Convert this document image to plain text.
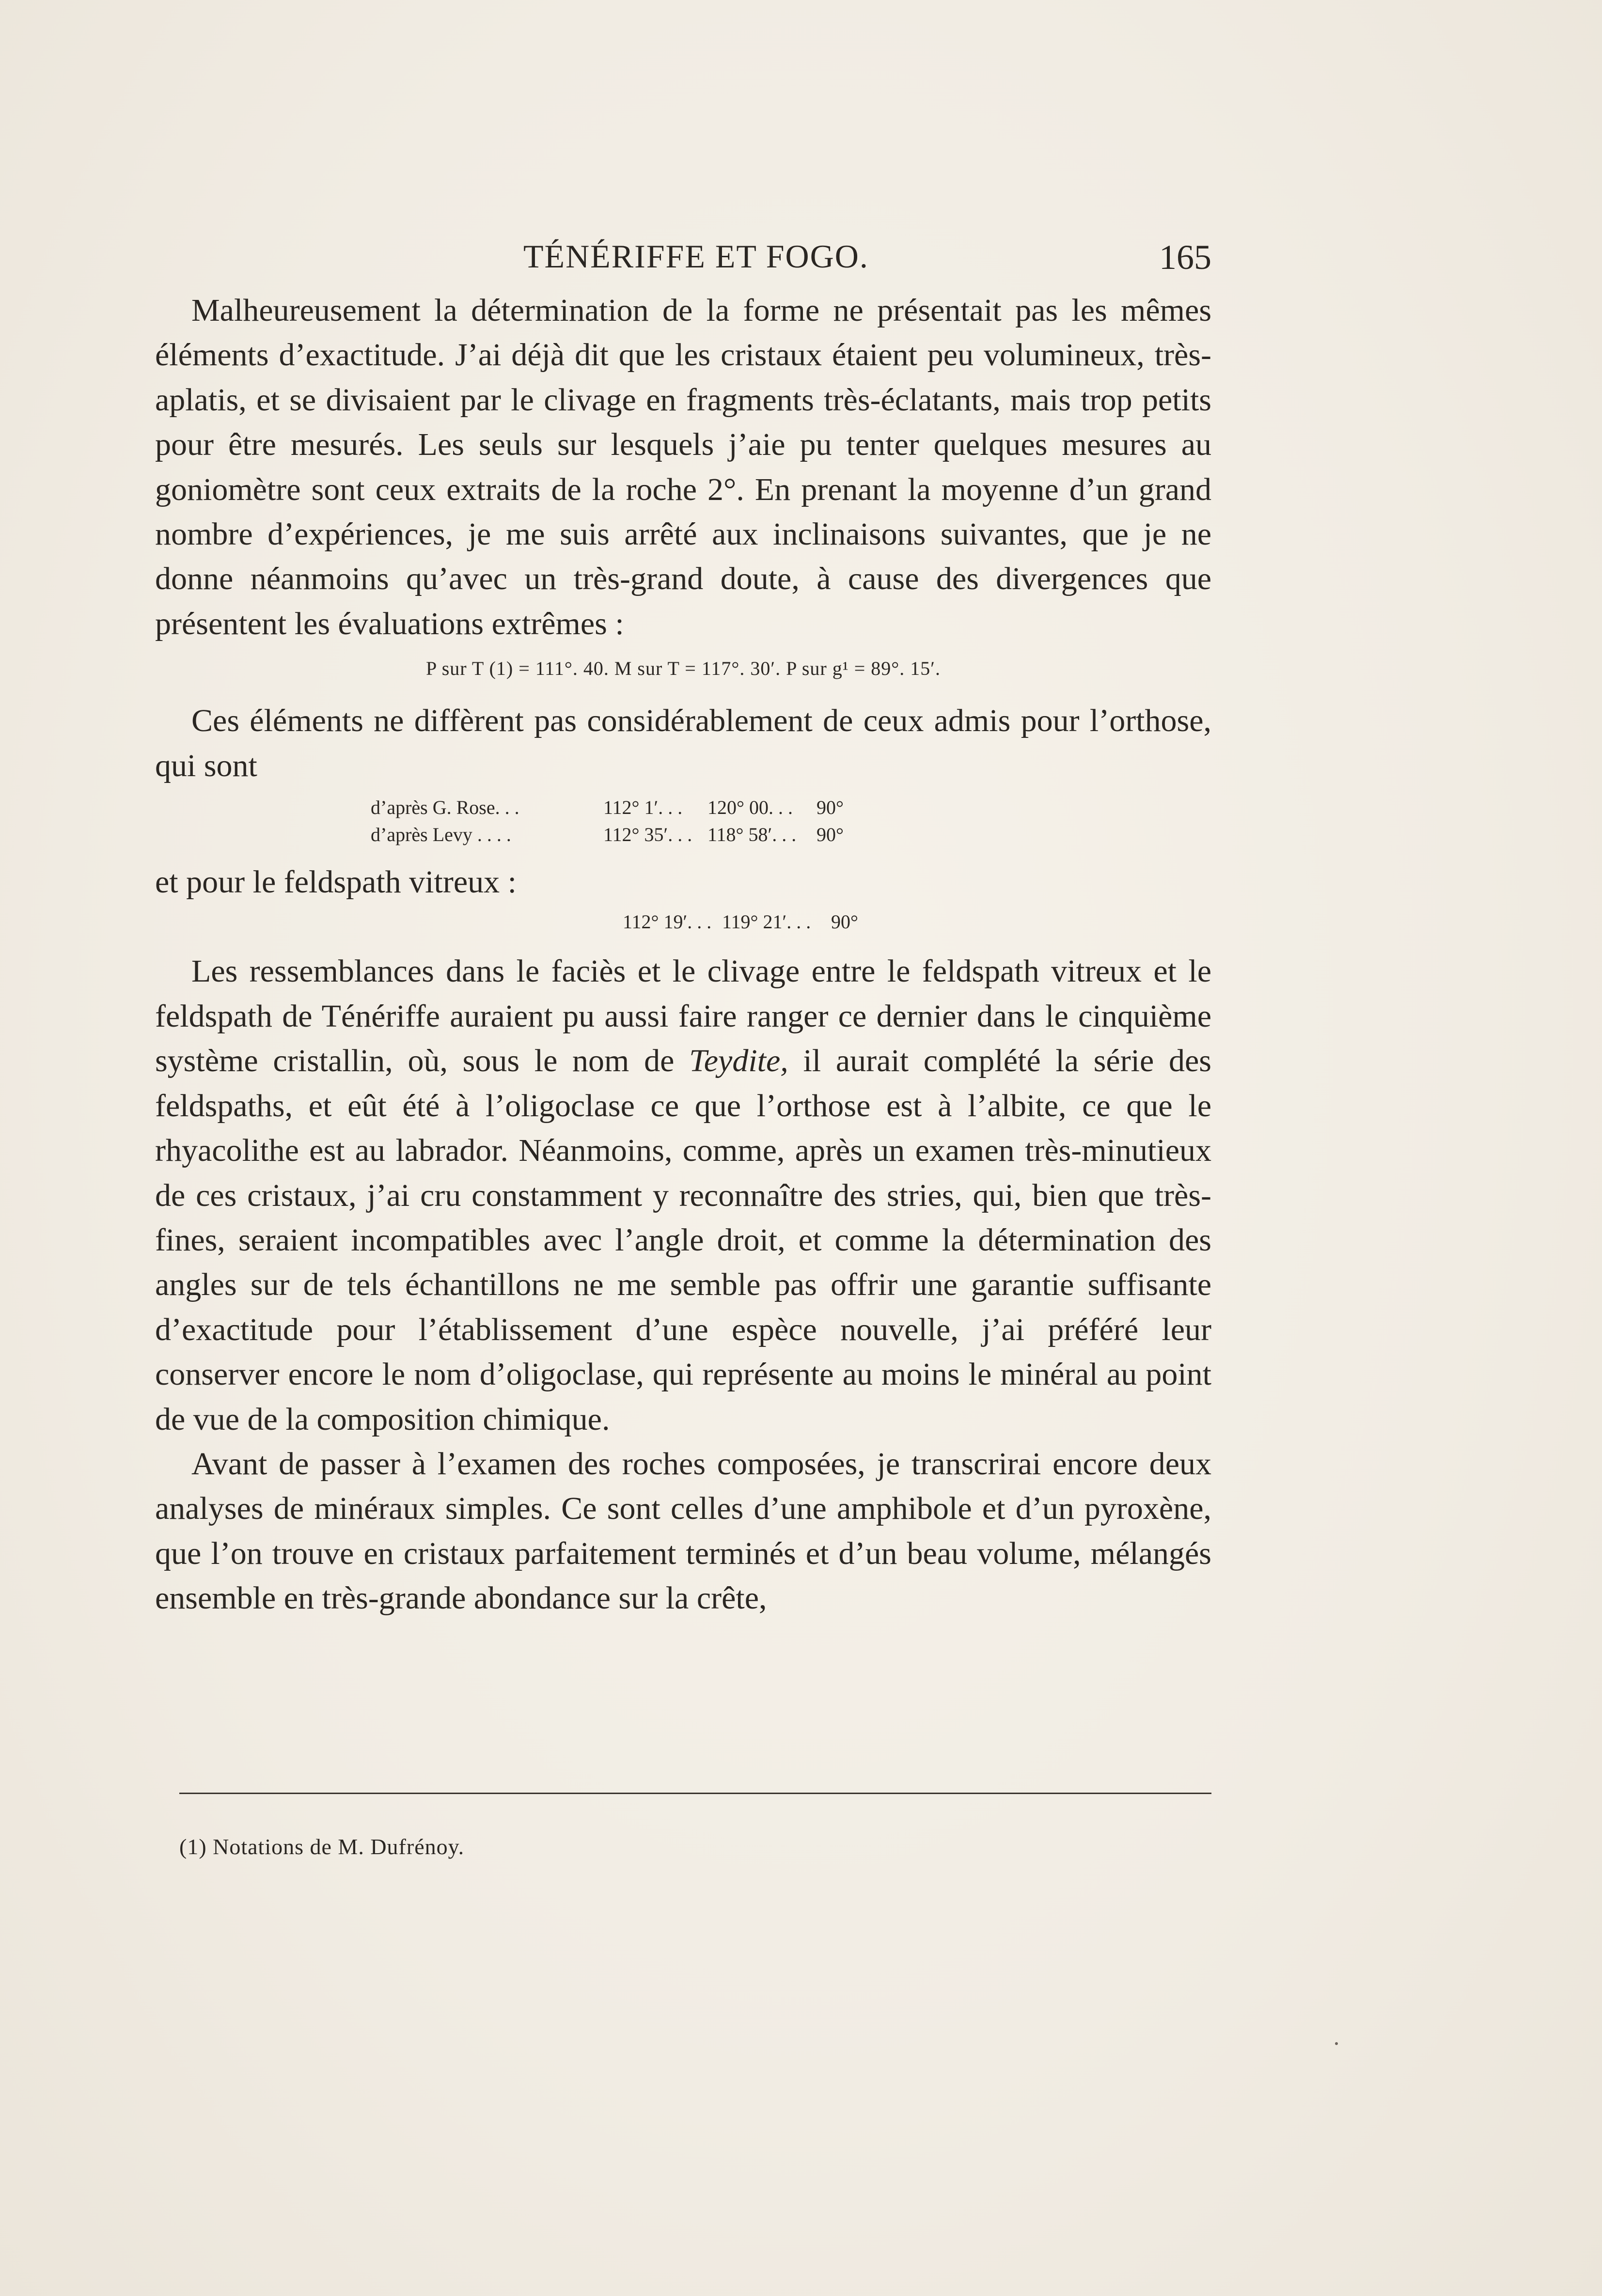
TÉNÉRIFFE ET FOGO.	165

Malheureusement la détermination de la forme ne présentait pas les mêmes éléments d’exactitude. J’ai déjà dit que les cristaux étaient peu volumineux, très-aplatis, et se divisaient par le clivage en fragments très-éclatants, mais trop petits pour être mesurés. Les seuls sur lesquels j’aie pu tenter quelques mesures au goniomètre sont ceux extraits de la roche 2°. En prenant la moyenne d’un grand nombre d’expériences, je me suis arrêté aux inclinaisons suivantes, que je ne donne néanmoins qu’avec un très-grand doute, à cause des divergences que présentent les évaluations extrêmes :

P sur T (1) = 111°. 40. M sur T = 117°. 30′. P sur g¹ = 89°. 15′.

Ces éléments ne diffèrent pas considérablement de ceux admis pour l’orthose, qui sont

d’après G. Rose. . .	112° 1′. . .	120° 00. . .	90°
d’après Levy . . . .	112° 35′. . .	118° 58′. . .	90°

et pour le feldspath vitreux :

112° 19′. . . 119° 21′. . . 90°

Les ressemblances dans le faciès et le clivage entre le feldspath vitreux et le feldspath de Ténériffe auraient pu aussi faire ranger ce dernier dans le cinquième système cristallin, où, sous le nom de Teydite, il aurait complété la série des feldspaths, et eût été à l’oligoclase ce que l’orthose est à l’albite, ce que le rhyacolithe est au labrador. Néanmoins, comme, après un examen très-minutieux de ces cristaux, j’ai cru constamment y reconnaître des stries, qui, bien que très-fines, seraient incompatibles avec l’angle droit, et comme la détermination des angles sur de tels échantillons ne me semble pas offrir une garantie suffisante d’exactitude pour l’établissement d’une espèce nouvelle, j’ai préféré leur conserver encore le nom d’oligoclase, qui représente au moins le minéral au point de vue de la composition chimique.

Avant de passer à l’examen des roches composées, je transcrirai encore deux analyses de minéraux simples. Ce sont celles d’une amphibole et d’un pyroxène, que l’on trouve en cristaux parfaitement terminés et d’un beau volume, mélangés ensemble en très-grande abondance sur la crête,

(1) Notations de M. Dufrénoy.
